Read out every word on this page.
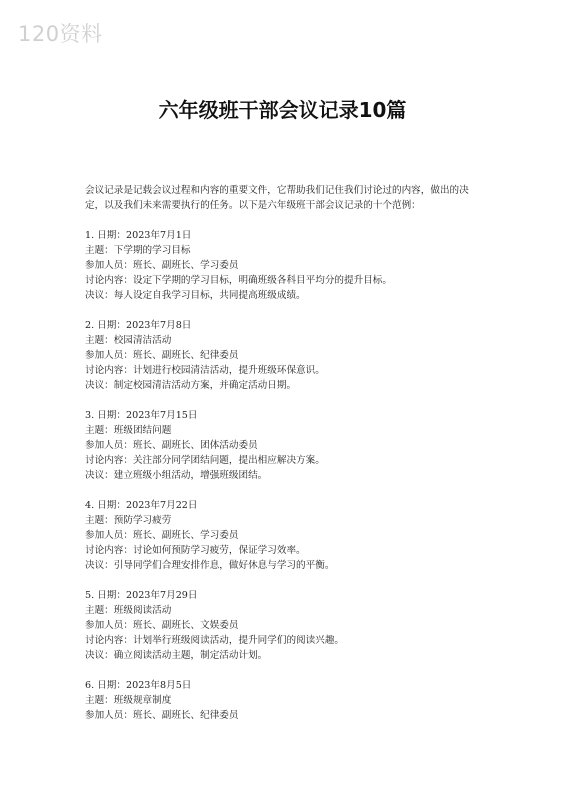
120资料
六年级班干部会议记录10篇

会议记录是记载会议过程和内容的重要文件，它帮助我们记住我们讨论过的内容，做出的决定，以及我们未来需要执行的任务。以下是六年级班干部会议记录的十个范例：

1. 日期：2023年7月1日

主题：下学期的学习目标

参加人员：班长、副班长、学习委员

讨论内容：设定下学期的学习目标，明确班级各科目平均分的提升目标。

决议：每人设定自我学习目标，共同提高班级成绩。

2. 日期：2023年7月8日

主题：校园清洁活动

参加人员：班长、副班长、纪律委员

讨论内容：计划进行校园清洁活动，提升班级环保意识。

决议：制定校园清洁活动方案，并确定活动日期。

3. 日期：2023年7月15日

主题：班级团结问题

参加人员：班长、副班长、团体活动委员

讨论内容：关注部分同学团结问题，提出相应解决方案。

决议：建立班级小组活动，增强班级团结。

4. 日期：2023年7月22日

主题：预防学习疲劳

参加人员：班长、副班长、学习委员

讨论内容：讨论如何预防学习疲劳，保证学习效率。

决议：引导同学们合理安排作息，做好休息与学习的平衡。

5. 日期：2023年7月29日

主题：班级阅读活动

参加人员：班长、副班长、文娱委员

讨论内容：计划举行班级阅读活动，提升同学们的阅读兴趣。

决议：确立阅读活动主题，制定活动计划。

6. 日期：2023年8月5日

主题：班级规章制度

参加人员：班长、副班长、纪律委员
